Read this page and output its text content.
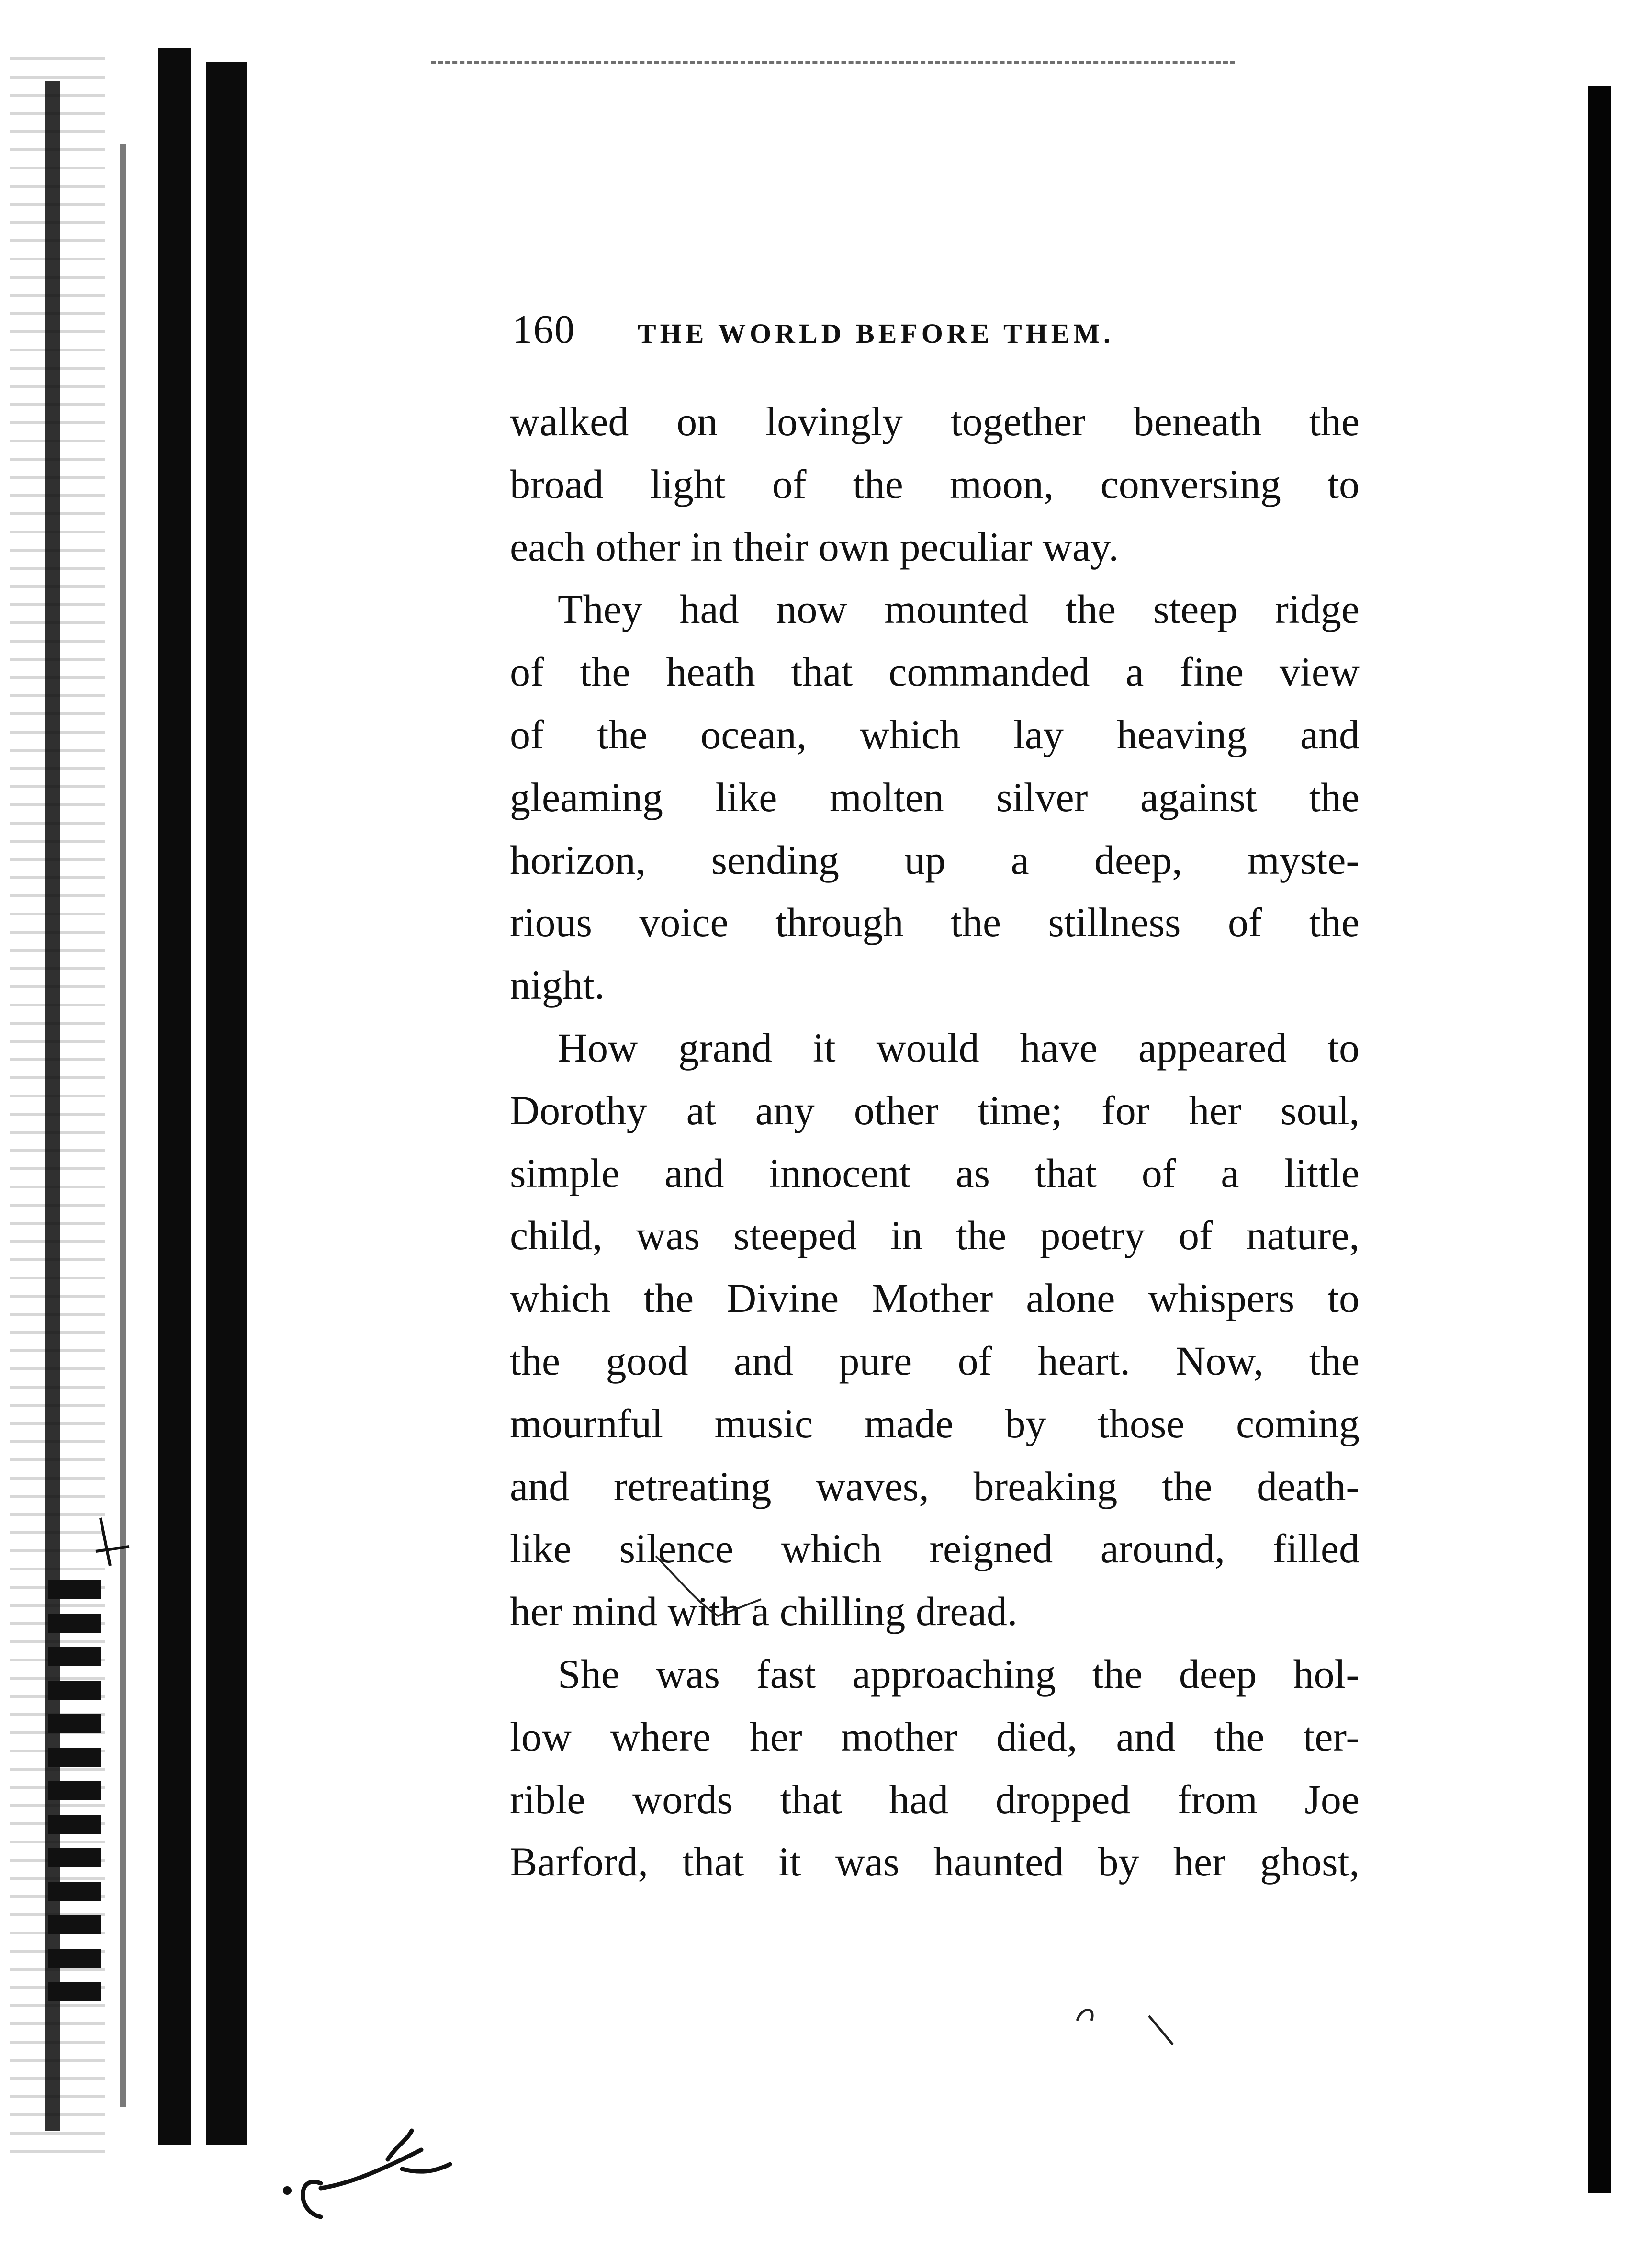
160 THE WORLD BEFORE THEM.
walked on lovingly together beneath the
broad light of the moon, conversing to
each other in their own peculiar way.
They had now mounted the steep ridge
of the heath that commanded a fine view
of the ocean, which lay heaving and
gleaming like molten silver against the
horizon, sending up a deep, myste-
rious voice through the stillness of the
night.
How grand it would have appeared to
Dorothy at any other time; for her soul,
simple and innocent as that of a little
child, was steeped in the poetry of nature,
which the Divine Mother alone whispers to
the good and pure of heart. Now, the
mournful music made by those coming
and retreating waves, breaking the death-
like silence which reigned around, filled
her mind with a chilling dread.
She was fast approaching the deep hol-
low where her mother died, and the ter-
rible words that had dropped from Joe
Barford, that it was haunted by her ghost,
